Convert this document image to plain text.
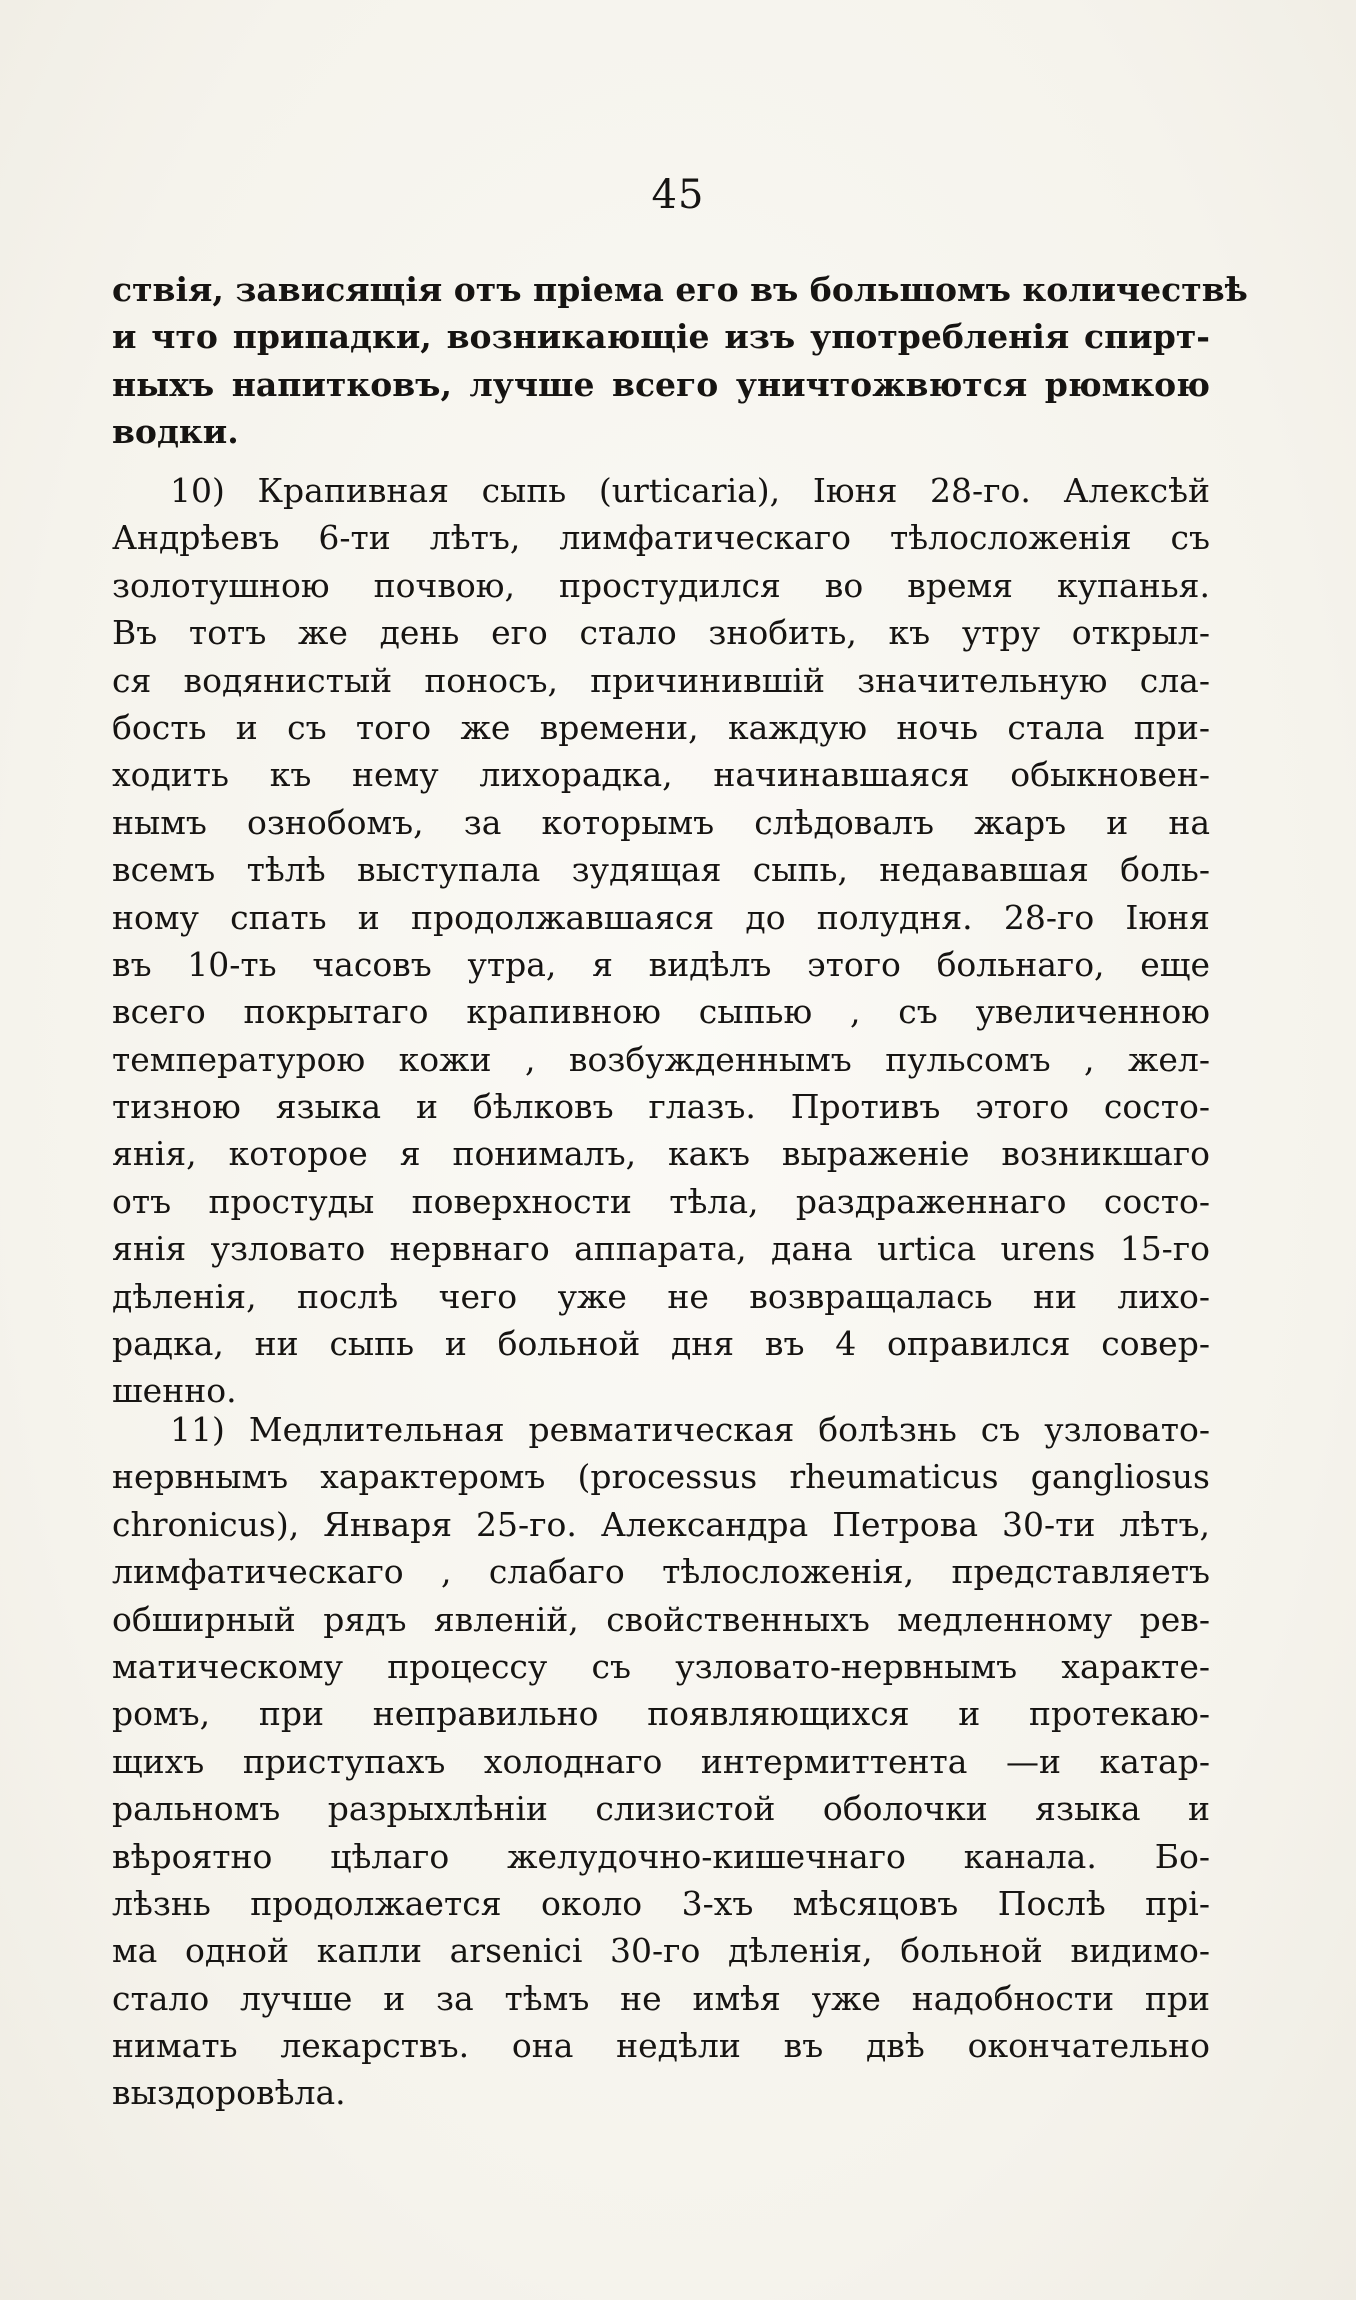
45
ствія, зависящія отъ пріема его въ большомъ количествѣ
и что припадки, возникающіе изъ употребленія спирт-
ныхъ напитковъ, лучше всего уничтожвются рюмкою
водки.
10) Крапивная сыпь (urticaria), Іюня 28-го. Алексѣй
Андрѣевъ 6-ти лѣтъ, лимфатическаго тѣлосложенія съ
золотушною почвою, простудился во время купанья.
Въ тотъ же день его стало знобить, къ утру открыл-
ся водянистый поносъ, причинившій значительную сла-
бость и съ того же времени, каждую ночь стала при-
ходить къ нему лихорадка, начинавшаяся обыкновен-
нымъ ознобомъ, за которымъ слѣдовалъ жаръ и на
всемъ тѣлѣ выступала зудящая сыпь, недававшая боль-
ному спать и продолжавшаяся до полудня. 28-го Іюня
въ 10-ть часовъ утра, я видѣлъ этого больнаго, еще
всего покрытаго крапивною сыпью , съ увеличенною
температурою кожи , возбужденнымъ пульсомъ , жел-
тизною языка и бѣлковъ глазъ. Противъ этого состо-
янія, которое я понималъ, какъ выраженіе возникшаго
отъ простуды поверхности тѣла, раздраженнаго состо-
янія узловато нервнаго аппарата, дана urtica urens 15-го
дѣленія, послѣ чего уже не возвращалась ни лихо-
радка, ни сыпь и больной дня въ 4 оправился совер-
шенно.
11) Медлительная ревматическая болѣзнь съ узловато-
нервнымъ характеромъ (processus rheumaticus gangliosus
chronicus), Января 25-го. Александра Петрова 30-ти лѣтъ,
лимфатическаго , слабаго тѣлосложенія, представляетъ
обширный рядъ явленій, свойственныхъ медленному рев-
матическому процессу съ узловато-нервнымъ характе-
ромъ, при неправильно появляющихся и протекаю-
щихъ приступахъ холоднаго интермиттента —и катар-
ральномъ разрыхлѣніи слизистой оболочки языка и
вѣроятно цѣлаго желудочно-кишечнаго канала. Бо-
лѣзнь продолжается около 3-хъ мѣсяцовъ Послѣ прі-
ма одной капли arsenici 30-го дѣленія, больной видимо-
стало лучше и за тѣмъ не имѣя уже надобности при
нимать лекарствъ. она недѣли въ двѣ окончательно
выздоровѣла.
